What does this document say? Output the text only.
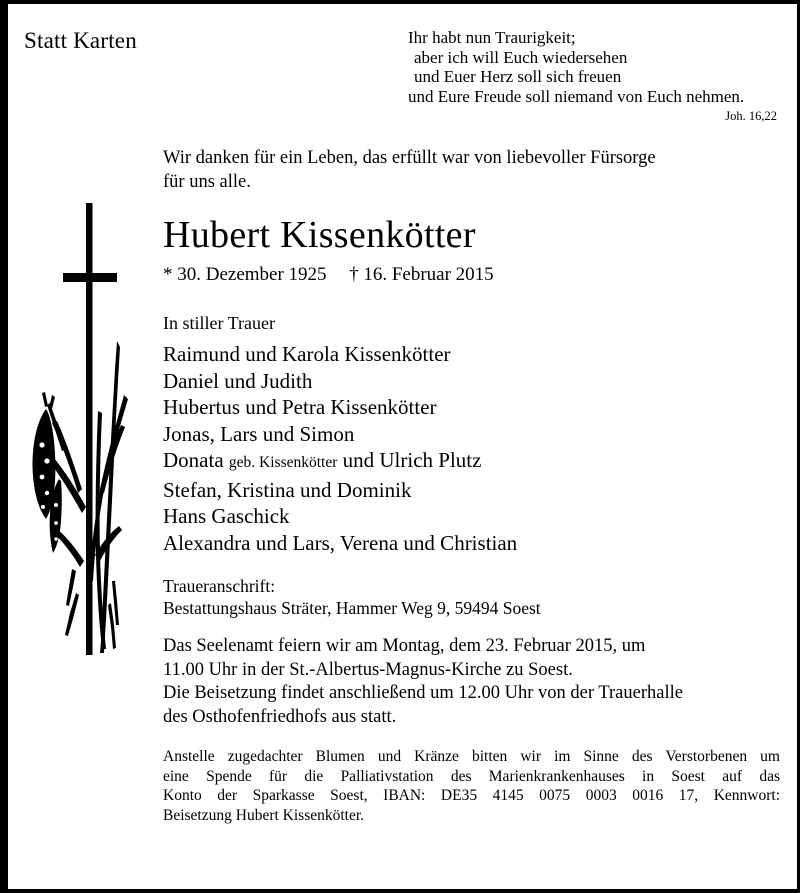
Statt Karten	Ihr habt nun Traurigkeit;
aber ich will Euch wiedersehen
und Euer Herz soll sich freuen
und Eure Freude soll niemand von Euch nehmen.
Joh. 16,22
Wir danken für ein Leben, das erfüllt war von liebevoller Fürsorge
für uns alle.
Hubert Kissenkötter
* 30. Dezember 1925 † 16. Februar 2015
In stiller Trauer
Raimund und Karola Kissenkötter
Daniel und Judith
Hubertus und Petra Kissenkötter
Jonas, Lars und Simon
Donata geb. Kissenkötter und Ulrich Plutz
Stefan, Kristina und Dominik
Hans Gaschick
Alexandra und Lars, Verena und Christian
Traueranschrift:
Bestattungshaus Sträter, Hammer Weg 9, 59494 Soest
Das Seelenamt feiern wir am Montag, dem 23. Februar 2015, um
11.00 Uhr in der St.-Albertus-Magnus-Kirche zu Soest.
Die Beisetzung findet anschließend um 12.00 Uhr von der Trauerhalle
des Osthofenfriedhofs aus statt.
Anstelle zugedachter Blumen und Kränze bitten wir im Sinne des Verstorbenen um
eine Spende für die Palliativstation des Marienkrankenhauses in Soest auf das
Konto der Sparkasse Soest, IBAN: DE35 4145 0075 0003 0016 17, Kennwort:
Beisetzung Hubert Kissenkötter.
